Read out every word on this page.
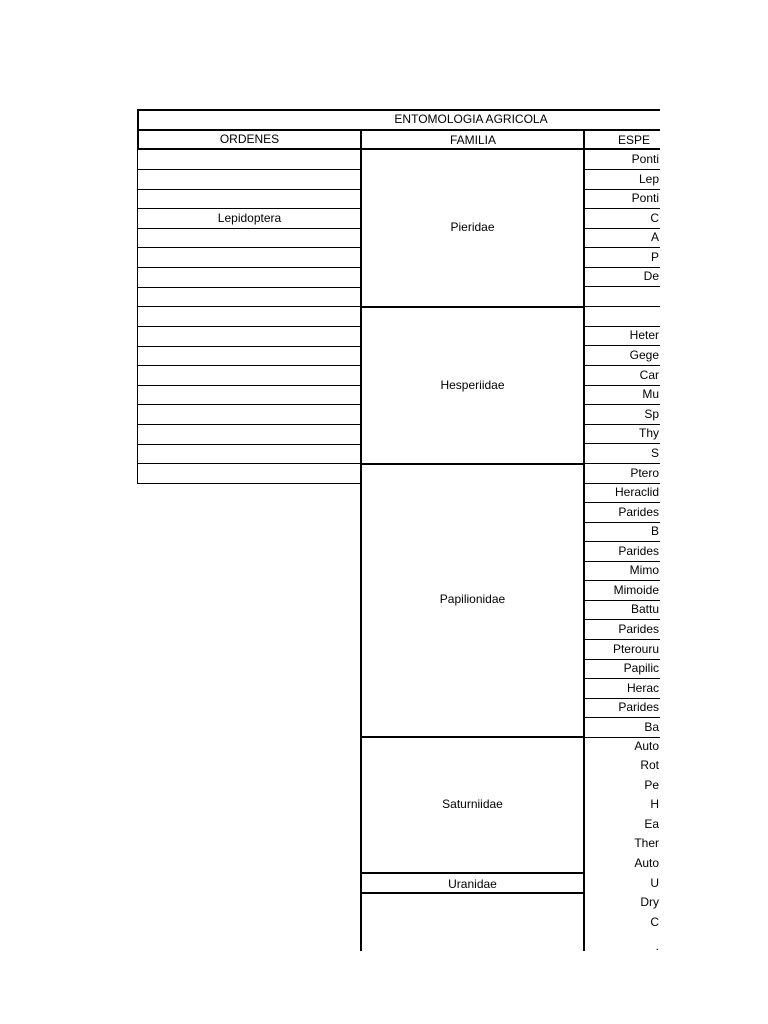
ENTOMOLOGIA AGRICOLA
ORDENES	FAMILIA	ESPE
Lepidoptera
Pieridae
Hesperiidae
Papilionidae
Saturniidae
Uranidae
Ponti
Lep
Ponti
C
A
P
De
Heter
Gege
Car
Mu
Sp
Thy
S
Ptero
Heraclid
Parides
B
Parides
Mimo
Mimoide
Battu
Parides
Pterouru
Papilic
Herac
Parides
Ba
Auto
Rot
Pe
H
Ea
Ther
Auto
U
Dry
C
.
